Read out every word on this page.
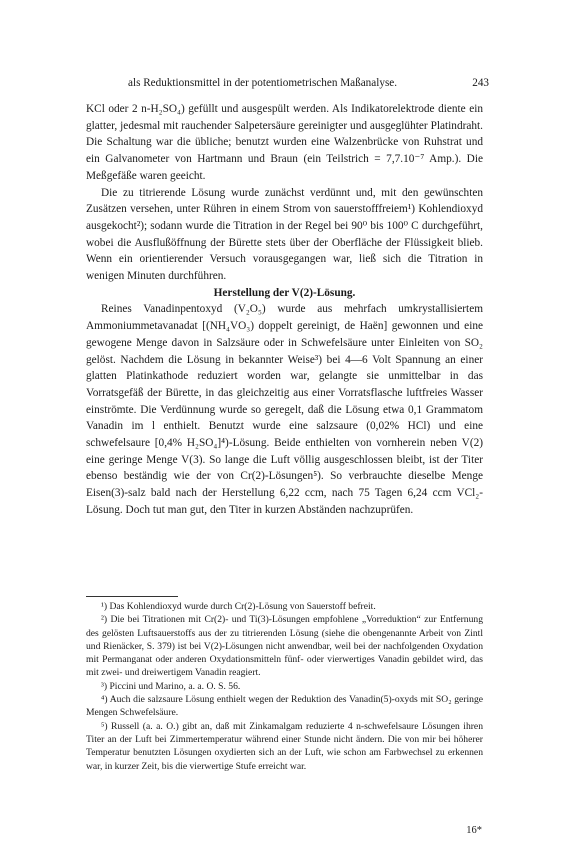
als Reduktionsmittel in der potentiometrischen Maßanalyse.	243

KCl oder 2 n-H₂SO₄) gefüllt und ausgespült werden. Als Indikatorelektrode diente ein glatter, jedesmal mit rauchender Salpetersäure gereinigter und ausgeglühter Platindraht. Die Schaltung war die übliche; benutzt wurden eine Walzenbrücke von Ruhstrat und ein Galvanometer von Hartmann und Braun (ein Teilstrich = 7,7.10⁻⁷ Amp.). Die Meßgefäße waren geeicht.

Die zu titrierende Lösung wurde zunächst verdünnt und, mit den gewünschten Zusätzen versehen, unter Rühren in einem Strom von sauerstofffreiem¹) Kohlendioxyd ausgekocht²); sodann wurde die Titration in der Regel bei 90⁰ bis 100⁰ C durchgeführt, wobei die Ausflußöffnung der Bürette stets über der Oberfläche der Flüssigkeit blieb. Wenn ein orientierender Versuch vorausgegangen war, ließ sich die Titration in wenigen Minuten durchführen.

Herstellung der V(2)-Lösung.

Reines Vanadinpentoxyd (V₂O₅) wurde aus mehrfach umkrystallisiertem Ammoniummetavanadat [(NH₄VO₃) doppelt gereinigt, de Haën] gewonnen und eine gewogene Menge davon in Salzsäure oder in Schwefelsäure unter Einleiten von SO₂ gelöst. Nachdem die Lösung in bekannter Weise³) bei 4—6 Volt Spannung an einer glatten Platinkathode reduziert worden war, gelangte sie unmittelbar in das Vorratsgefäß der Bürette, in das gleichzeitig aus einer Vorratsflasche luftfreies Wasser einströmte. Die Verdünnung wurde so geregelt, daß die Lösung etwa 0,1 Grammatom Vanadin im l enthielt. Benutzt wurde eine salzsaure (0,02% HCl) und eine schwefelsaure [0,4% H₂SO₄]⁴)-Lösung. Beide enthielten von vornherein neben V(2) eine geringe Menge V(3). So lange die Luft völlig ausgeschlossen bleibt, ist der Titer ebenso beständig wie der von Cr(2)-Lösungen⁵). So verbrauchte dieselbe Menge Eisen(3)-salz bald nach der Herstellung 6,22 ccm, nach 75 Tagen 6,24 ccm VCl₂-Lösung. Doch tut man gut, den Titer in kurzen Abständen nachzuprüfen.

¹) Das Kohlendioxyd wurde durch Cr(2)-Lösung von Sauerstoff befreit.

²) Die bei Titrationen mit Cr(2)- und Ti(3)-Lösungen empfohlene „Vorreduktion“ zur Entfernung des gelösten Luftsauerstoffs aus der zu titrierenden Lösung (siehe die obengenannte Arbeit von Zintl und Rienäcker, S. 379) ist bei V(2)-Lösungen nicht anwendbar, weil bei der nachfolgenden Oxydation mit Permanganat oder anderen Oxydationsmitteln fünf- oder vierwertiges Vanadin gebildet wird, das mit zwei- und dreiwertigem Vanadin reagiert.

³) Piccini und Marino, a. a. O. S. 56.

⁴) Auch die salzsaure Lösung enthielt wegen der Reduktion des Vanadin(5)-oxyds mit SO₂ geringe Mengen Schwefelsäure.

⁵) Russell (a. a. O.) gibt an, daß mit Zinkamalgam reduzierte 4 n-schwefelsaure Lösungen ihren Titer an der Luft bei Zimmertemperatur während einer Stunde nicht ändern. Die von mir bei höherer Temperatur benutzten Lösungen oxydierten sich an der Luft, wie schon am Farbwechsel zu erkennen war, in kurzer Zeit, bis die vierwertige Stufe erreicht war.

16*
